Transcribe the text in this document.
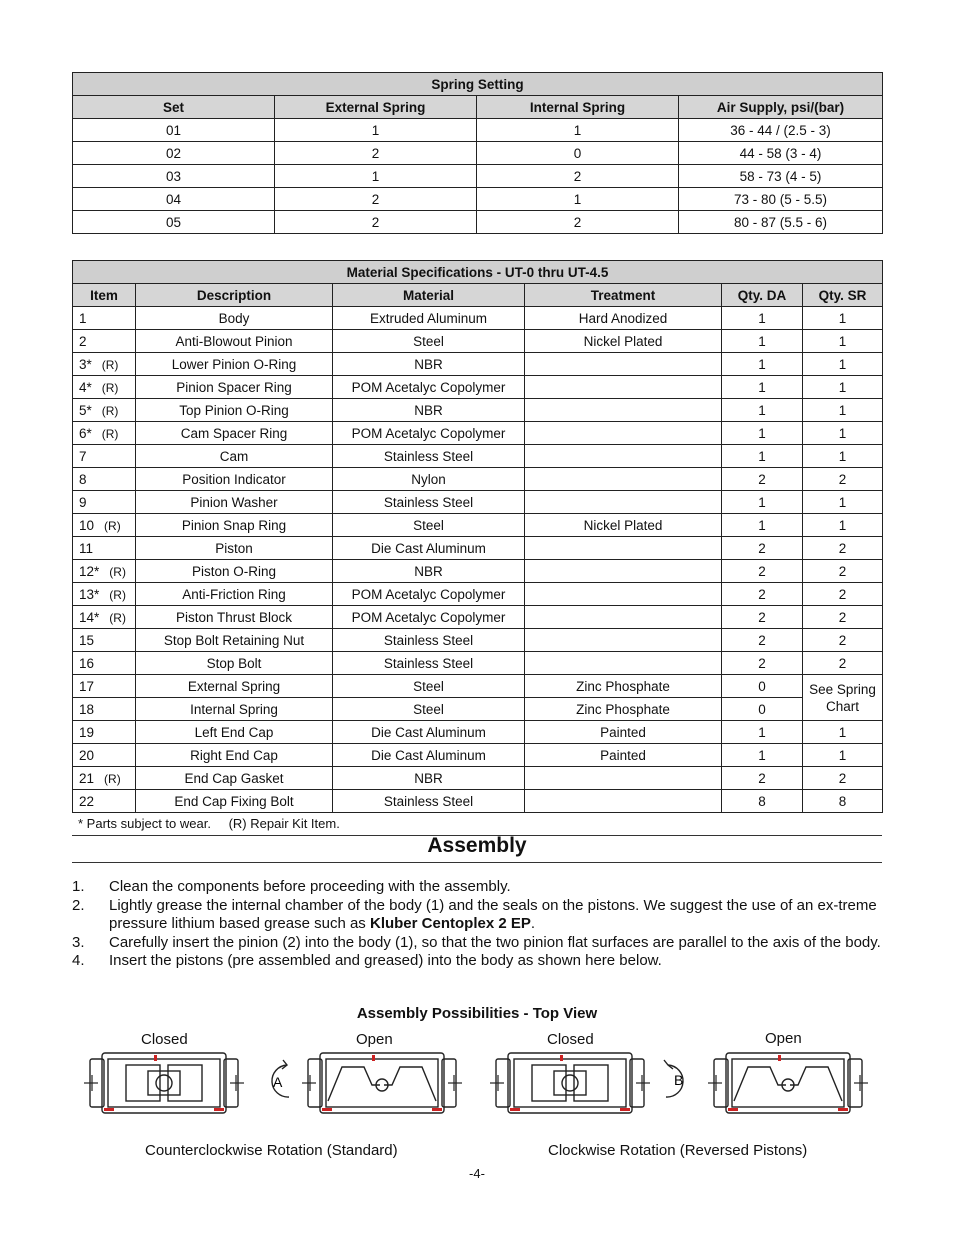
Spring Setting			
Set	External Spring	Internal Spring	Air Supply, psi/(bar)
01	1	1	36 - 44 / (2.5 - 3)
02	2	0	44 - 58 (3 - 4)
03	1	2	58 - 73 (4 - 5)
04	2	1	73 - 80 (5 - 5.5)
05	2	2	80 - 87 (5.5 - 6)
Material Specifications - UT-0 thru UT-4.5					
Item	Description	Material	Treatment	Qty. DA	Qty. SR
1	Body	Extruded Aluminum	Hard Anodized	1	1
2	Anti-Blowout Pinion	Steel	Nickel Plated	1	1
3* (R)	Lower Pinion O-Ring	NBR		1	1
4* (R)	Pinion Spacer Ring	POM Acetalyc Copolymer		1	1
5* (R)	Top Pinion O-Ring	NBR		1	1
6* (R)	Cam Spacer Ring	POM Acetalyc Copolymer		1	1
7	Cam	Stainless Steel		1	1
8	Position Indicator	Nylon		2	2
9	Pinion Washer	Stainless Steel		1	1
10 (R)	Pinion Snap Ring	Steel	Nickel Plated	1	1
11	Piston	Die Cast Aluminum		2	2
12* (R)	Piston O-Ring	NBR		2	2
13* (R)	Anti-Friction Ring	POM Acetalyc Copolymer		2	2
14* (R)	Piston Thrust Block	POM Acetalyc Copolymer		2	2
15	Stop Bolt Retaining Nut	Stainless Steel		2	2
16	Stop Bolt	Stainless Steel		2	2
17	External Spring	Steel	Zinc Phosphate	0	See Spring Chart
18	Internal Spring	Steel	Zinc Phosphate	0	
19	Left End Cap	Die Cast Aluminum	Painted	1	1
20	Right End Cap	Die Cast Aluminum	Painted	1	1
21 (R)	End Cap Gasket	NBR		2	2
22	End Cap Fixing Bolt	Stainless Steel		8	8
* Parts subject to wear. (R) Repair Kit Item.
Assembly
1. Clean the components before proceeding with the assembly.
2. Lightly grease the internal chamber of the body (1) and the seals on the pistons. We suggest the use of an ex-treme pressure lithium based grease such as Kluber Centoplex 2 EP.
3. Carefully insert the pinion (2) into the body (1), so that the two pinion flat surfaces are parallel to the axis of the body.
4. Insert the pistons (pre assembled and greased) into the body as shown here below.
Assembly Possibilities - Top View
Closed	Open	Closed	Open
A	B
Counterclockwise Rotation (Standard)	Clockwise Rotation (Reversed Pistons)
-4-
